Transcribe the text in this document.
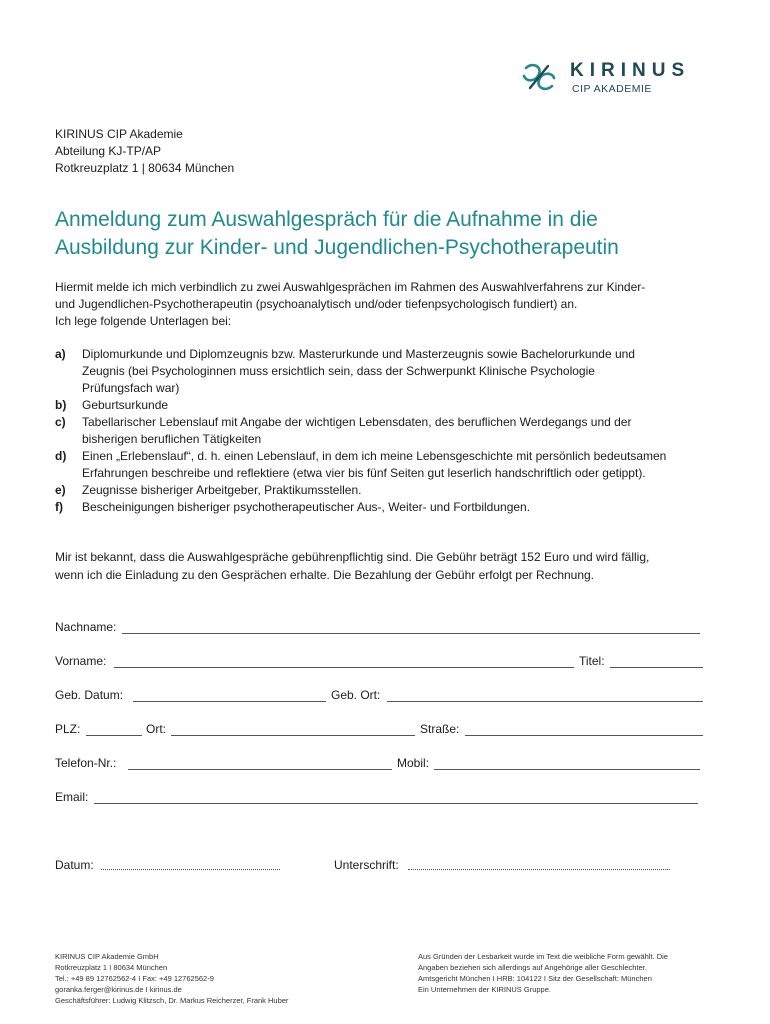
KIRINUS
CIP AKADEMIE
KIRINUS CIP Akademie
Abteilung KJ-TP/AP
Rotkreuzplatz 1 | 80634 München
Anmeldung zum Auswahlgespräch für die Aufnahme in die
Ausbildung zur Kinder- und Jugendlichen-Psychotherapeutin
Hiermit melde ich mich verbindlich zu zwei Auswahlgesprächen im Rahmen des Auswahlverfahrens zur Kinder-
und Jugendlichen-Psychotherapeutin (psychoanalytisch und/oder tiefenpsychologisch fundiert) an.
Ich lege folgende Unterlagen bei:
a) Diplomurkunde und Diplomzeugnis bzw. Masterurkunde und Masterzeugnis sowie Bachelorurkunde und
Zeugnis (bei Psychologinnen muss ersichtlich sein, dass der Schwerpunkt Klinische Psychologie
Prüfungsfach war)
b) Geburtsurkunde
c) Tabellarischer Lebenslauf mit Angabe der wichtigen Lebensdaten, des beruflichen Werdegangs und der
bisherigen beruflichen Tätigkeiten
d) Einen „Erlebenslauf“, d. h. einen Lebenslauf, in dem ich meine Lebensgeschichte mit persönlich bedeutsamen
Erfahrungen beschreibe und reflektiere (etwa vier bis fünf Seiten gut leserlich handschriftlich oder getippt).
e) Zeugnisse bisheriger Arbeitgeber, Praktikumsstellen.
f) Bescheinigungen bisheriger psychotherapeutischer Aus-, Weiter- und Fortbildungen.
Mir ist bekannt, dass die Auswahlgespräche gebührenpflichtig sind. Die Gebühr beträgt 152 Euro und wird fällig,
wenn ich die Einladung zu den Gesprächen erhalte. Die Bezahlung der Gebühr erfolgt per Rechnung.
Nachname:
Vorname:	Titel:
Geb. Datum:	Geb. Ort:
PLZ:	Ort:	Straße:
Telefon-Nr.:	Mobil:
Email:
Datum:	Unterschrift:
KIRINUS CIP Akademie GmbH
Rotkreuzplatz 1 I 80634 München
Tel.: +49 89 12762562-4 I Fax: +49 12762562-9
goranka.ferger@kirinus.de I kirinus.de
Geschäftsführer: Ludwig Klitzsch, Dr. Markus Reicherzer, Frank Huber
Aus Gründen der Lesbarkeit wurde im Text die weibliche Form gewählt. Die
Angaben beziehen sich allerdings auf Angehörige aller Geschlechter.
Amtsgericht München I HRB: 104122 I Sitz der Gesellschaft: München
Ein Unternehmen der KIRINUS Gruppe.
